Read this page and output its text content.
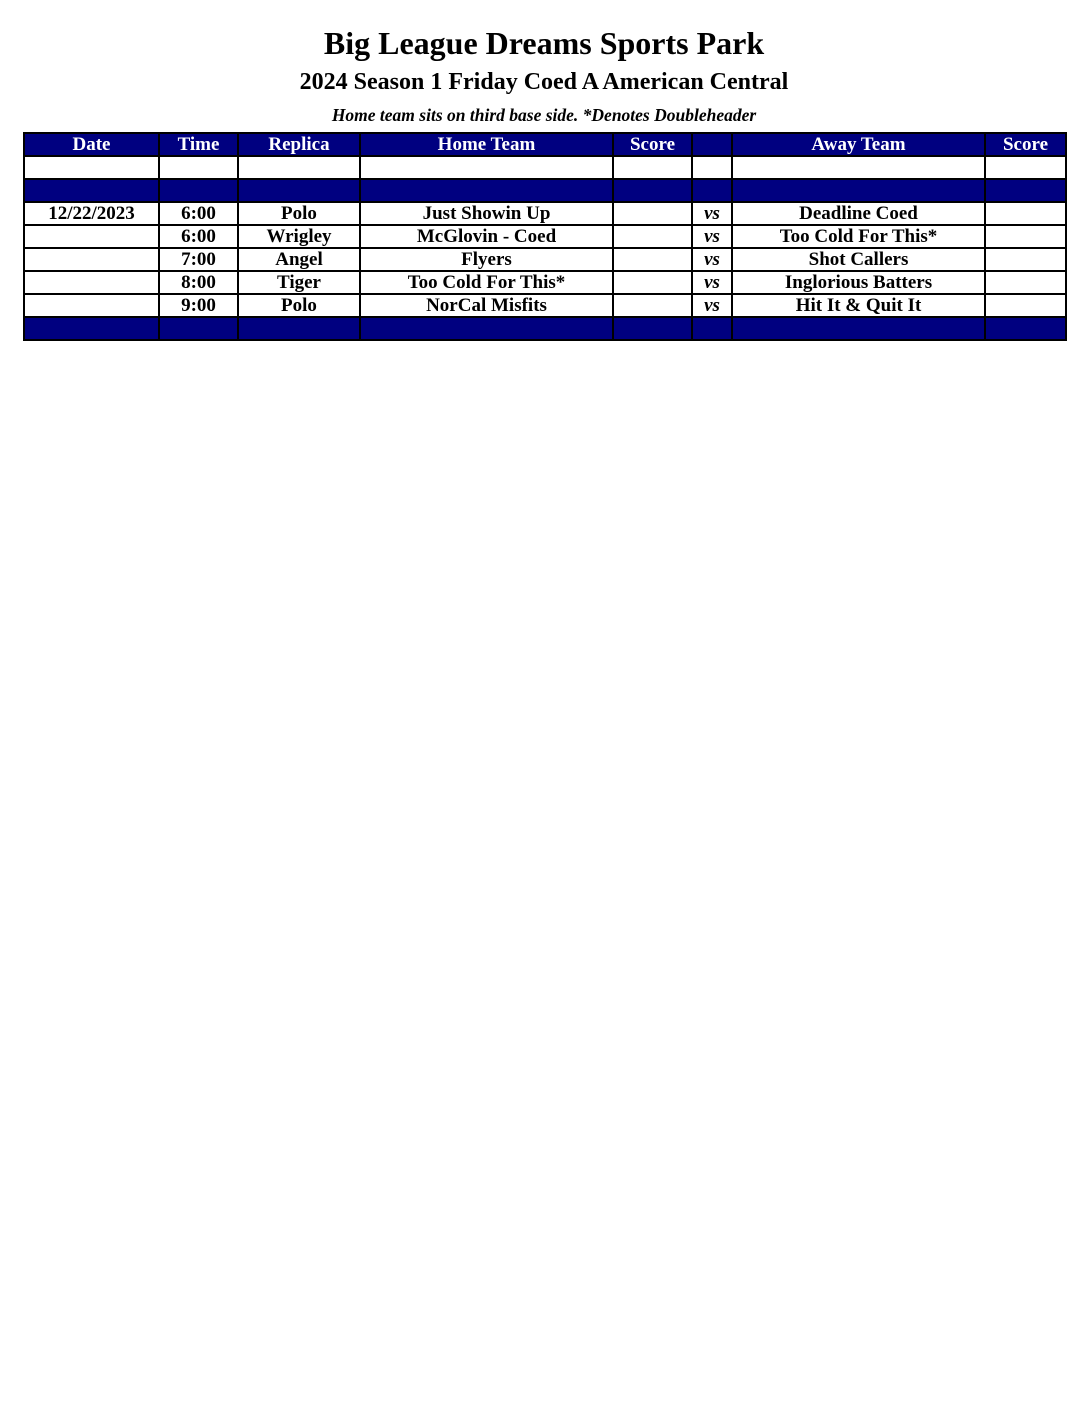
Big League Dreams Sports Park
2024 Season 1 Friday Coed A American Central
Home team sits on third base side. *Denotes Doubleheader
Date	Time	Replica	Home Team	Score		Away Team	Score

12/22/2023	6:00	Polo	Just Showin Up		vs	Deadline Coed	
	6:00	Wrigley	McGlovin - Coed		vs	Too Cold For This*	
	7:00	Angel	Flyers		vs	Shot Callers	
	8:00	Tiger	Too Cold For This*		vs	Inglorious Batters	
	9:00	Polo	NorCal Misfits		vs	Hit It & Quit It	
